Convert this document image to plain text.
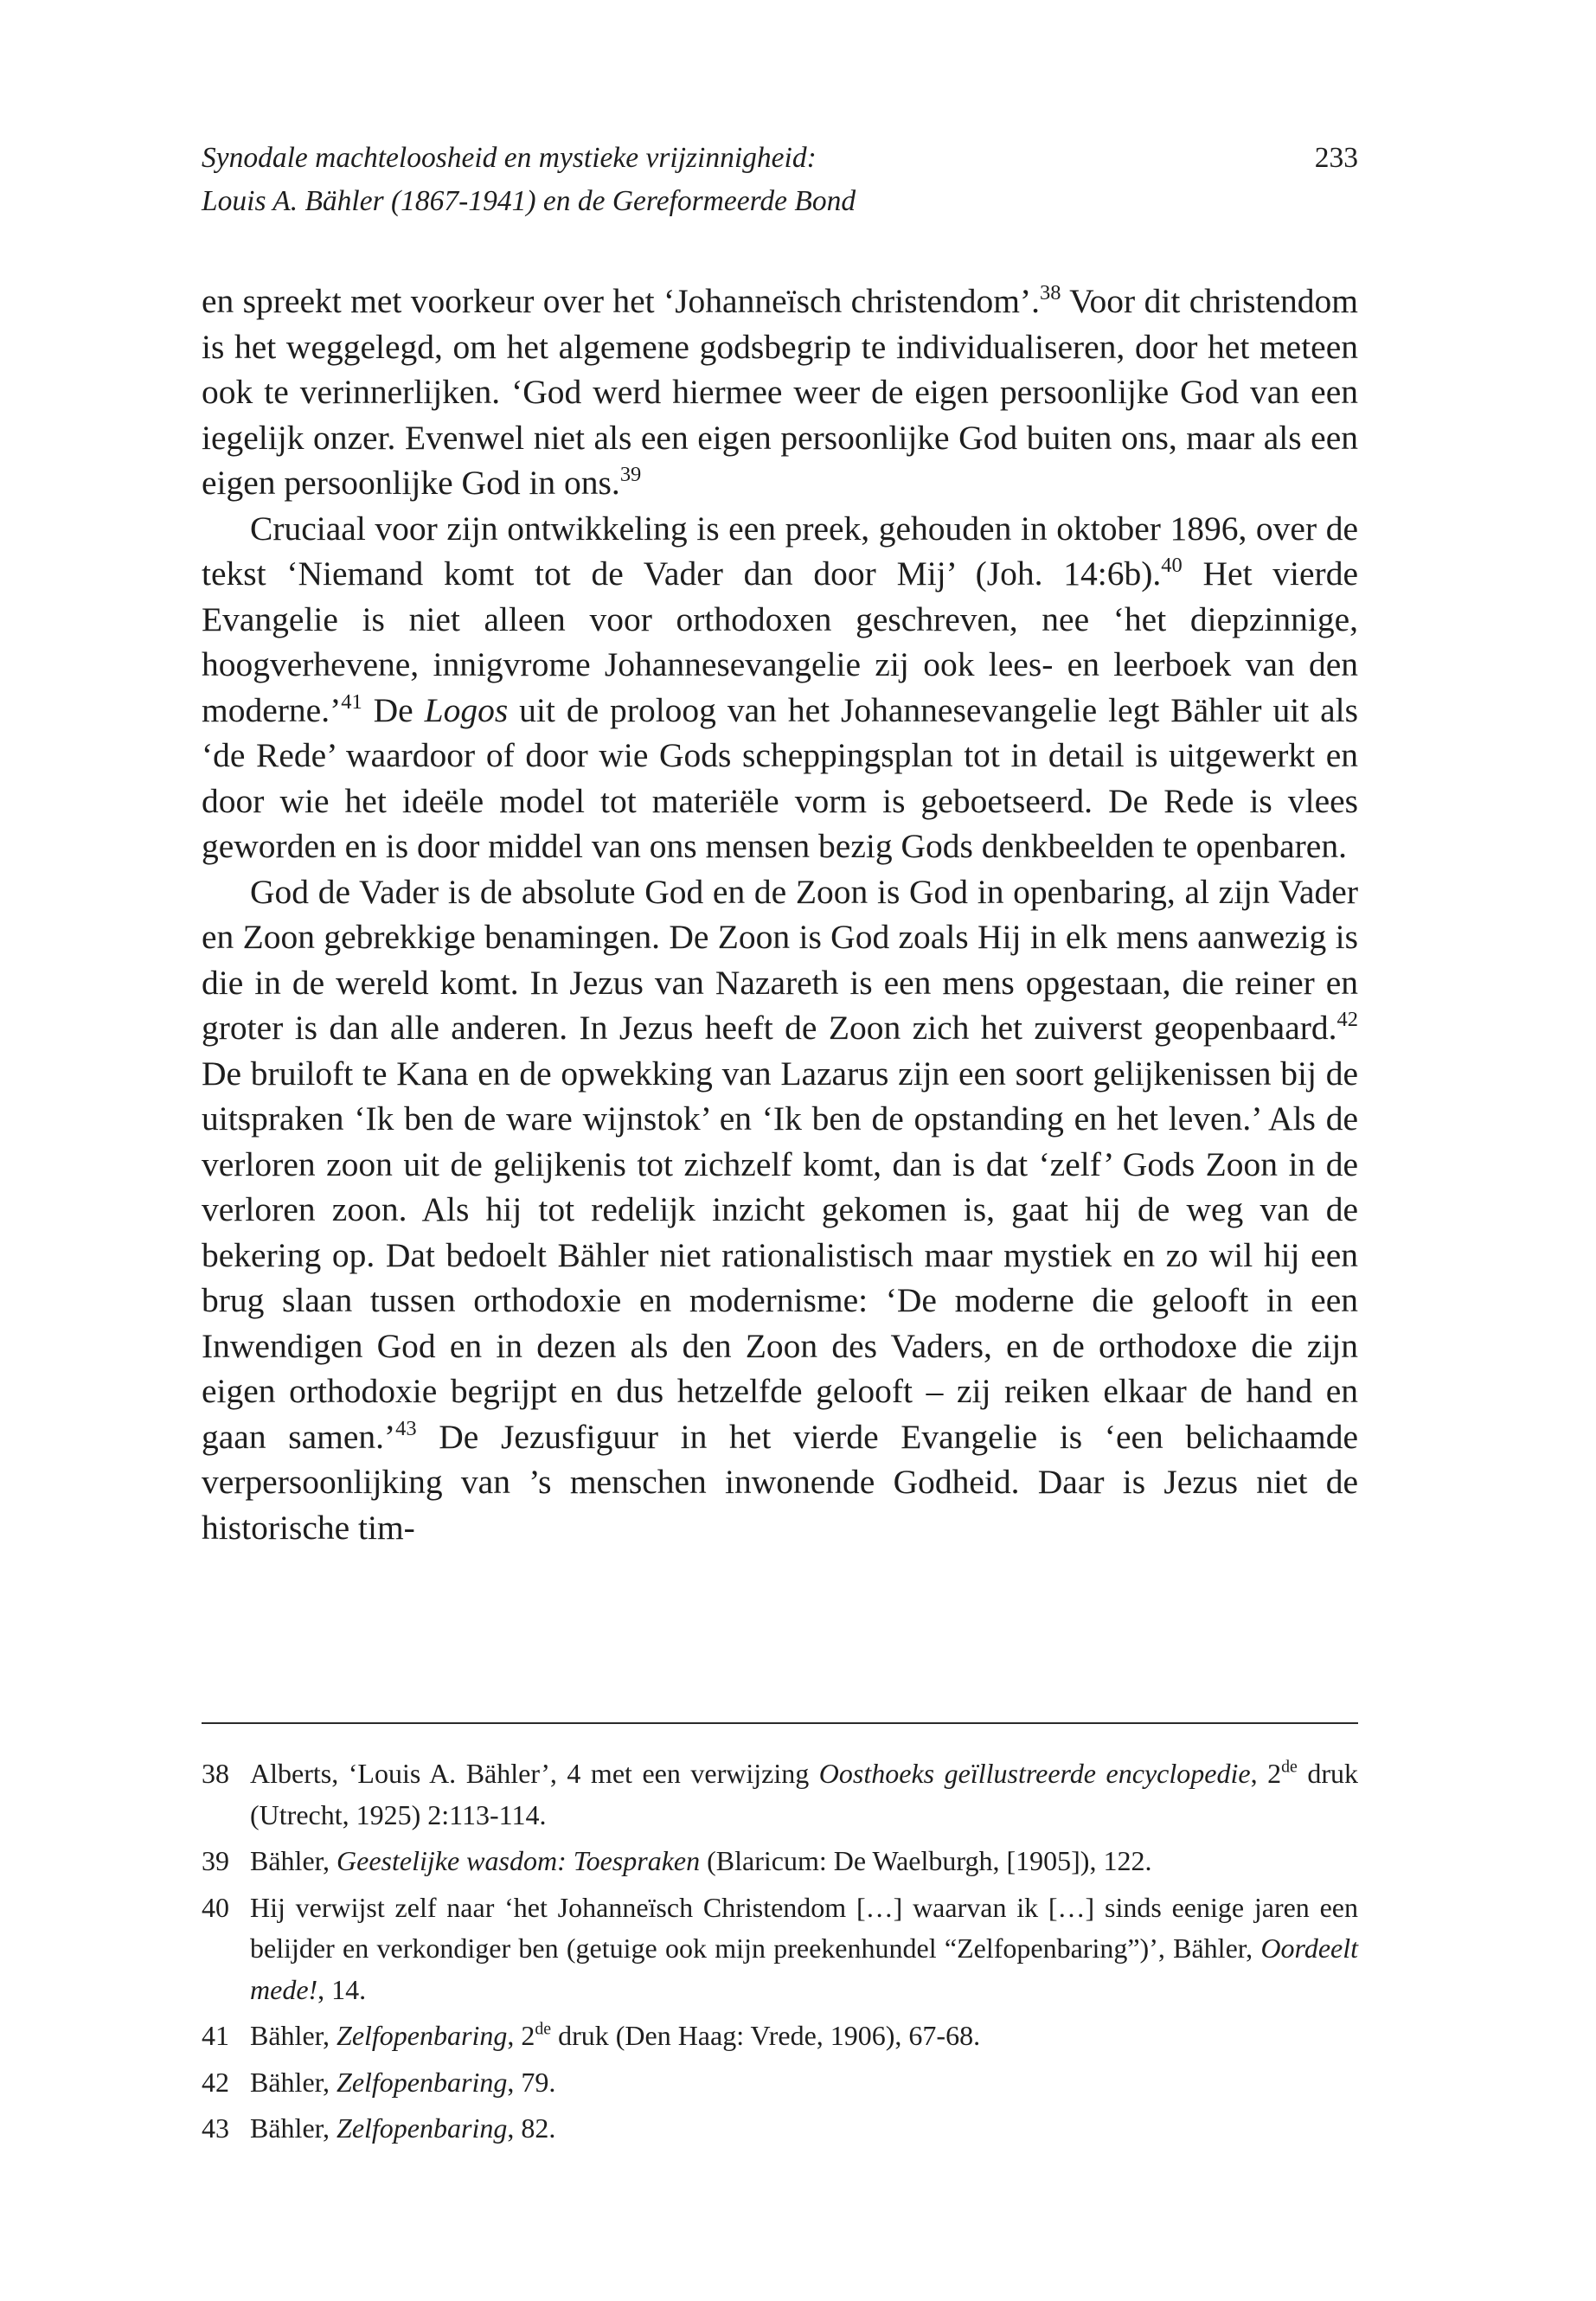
Synodale machteloosheid en mystieke vrijzinnigheid:
Louis A. Bähler (1867-1941) en de Gereformeerde Bond
233

en spreekt met voorkeur over het ‘Johanneïsch christendom’.$^{38}$ Voor dit christendom is het weggelegd, om het algemene godsbegrip te individualiseren, door het meteen ook te verinnerlijken. ‘God werd hiermee weer de eigen persoonlijke God van een iegelijk onzer. Evenwel niet als een eigen persoonlijke God buiten ons, maar als een eigen persoonlijke God in ons.$^{39}$

Cruciaal voor zijn ontwikkeling is een preek, gehouden in oktober 1896, over de tekst ‘Niemand komt tot de Vader dan door Mij’ (Joh. 14:6b).$^{40}$ Het vierde Evangelie is niet alleen voor orthodoxen geschreven, nee ‘het diepzinnige, hoogverhevene, innigvrome Johannesevangelie zij ook lees- en leerboek van den moderne.’$^{41}$ De Logos uit de proloog van het Johannesevangelie legt Bähler uit als ‘de Rede’ waardoor of door wie Gods scheppingsplan tot in detail is uitgewerkt en door wie het ideële model tot materiële vorm is geboetseerd. De Rede is vlees geworden en is door middel van ons mensen bezig Gods denkbeelden te openbaren.

God de Vader is de absolute God en de Zoon is God in openbaring, al zijn Vader en Zoon gebrekkige benamingen. De Zoon is God zoals Hij in elk mens aanwezig is die in de wereld komt. In Jezus van Nazareth is een mens opgestaan, die reiner en groter is dan alle anderen. In Jezus heeft de Zoon zich het zuiverst geopenbaard.$^{42}$ De bruiloft te Kana en de opwekking van Lazarus zijn een soort gelijkenissen bij de uitspraken ‘Ik ben de ware wijnstok’ en ‘Ik ben de opstanding en het leven.’ Als de verloren zoon uit de gelijkenis tot zichzelf komt, dan is dat ‘zelf’ Gods Zoon in de verloren zoon. Als hij tot redelijk inzicht gekomen is, gaat hij de weg van de bekering op. Dat bedoelt Bähler niet rationalistisch maar mystiek en zo wil hij een brug slaan tussen orthodoxie en modernisme: ‘De moderne die gelooft in een Inwendigen God en in dezen als den Zoon des Vaders, en de orthodoxe die zijn eigen orthodoxie begrijpt en dus hetzelfde gelooft – zij reiken elkaar de hand en gaan samen.’$^{43}$ De Jezusfiguur in het vierde Evangelie is ‘een belichaamde verpersoonlijking van ’s menschen inwonende Godheid. Daar is Jezus niet de historische tim-

38 Alberts, ‘Louis A. Bähler’, 4 met een verwijzing Oosthoeks geïllustreerde encyclopedie, 2de druk (Utrecht, 1925) 2:113-114.
39 Bähler, Geestelijke wasdom: Toespraken (Blaricum: De Waelburgh, [1905]), 122.
40 Hij verwijst zelf naar ‘het Johanneïsch Christendom […] waarvan ik […] sinds eenige jaren een belijder en verkondiger ben (getuige ook mijn preekenhundel “Zelfopenbaring”)’, Bähler, Oordeelt mede!, 14.
41 Bähler, Zelfopenbaring, 2de druk (Den Haag: Vrede, 1906), 67-68.
42 Bähler, Zelfopenbaring, 79.
43 Bähler, Zelfopenbaring, 82.
